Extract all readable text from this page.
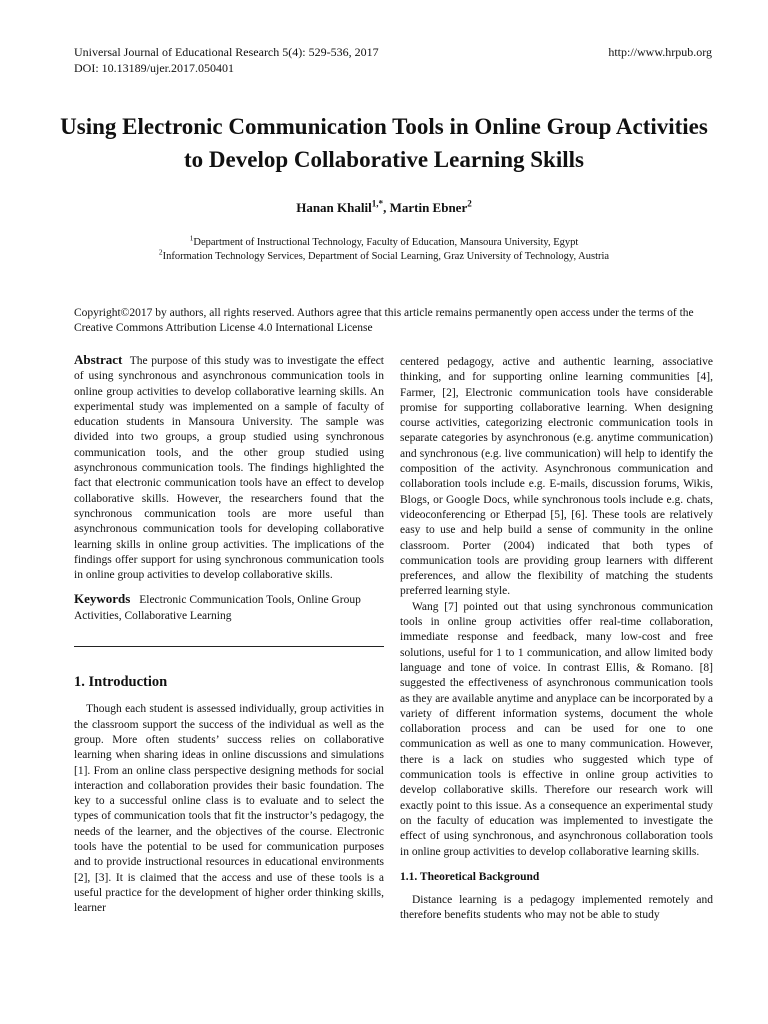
Universal Journal of Educational Research 5(4): 529-536, 2017	http://www.hrpub.org
DOI: 10.13189/ujer.2017.050401
Using Electronic Communication Tools in Online Group Activities to Develop Collaborative Learning Skills
Hanan Khalil$^{1,*}$, Martin Ebner$^2$
$^1$Department of Instructional Technology, Faculty of Education, Mansoura University, Egypt
$^2$Information Technology Services, Department of Social Learning, Graz University of Technology, Austria
Copyright©2017 by authors, all rights reserved. Authors agree that this article remains permanently open access under the terms of the Creative Commons Attribution License 4.0 International License

Abstract The purpose of this study was to investigate the effect of using synchronous and asynchronous communication tools in online group activities to develop collaborative learning skills. An experimental study was implemented on a sample of faculty of education students in Mansoura University. The sample was divided into two groups, a group studied using synchronous communication tools, and the other group studied using asynchronous communication tools. The findings highlighted the fact that electronic communication tools have an effect to develop collaborative skills. However, the researchers found that the synchronous communication tools are more useful than asynchronous communication tools for developing collaborative learning skills in online group activities. The implications of the findings offer support for using synchronous communication tools in online group activities to develop collaborative skills.

Keywords Electronic Communication Tools, Online Group Activities, Collaborative Learning

1. Introduction

Though each student is assessed individually, group activities in the classroom support the success of the individual as well as the group. More often students’ success relies on collaborative learning when sharing ideas in online discussions and simulations [1]. From an online class perspective designing methods for social interaction and collaboration provides their basic foundation. The key to a successful online class is to evaluate and to select the types of communication tools that fit the instructor’s pedagogy, the needs of the learner, and the objectives of the course. Electronic tools have the potential to be used for communication purposes and to provide instructional resources in educational environments [2], [3]. It is claimed that the access and use of these tools is a useful practice for the development of higher order thinking skills, learner

centered pedagogy, active and authentic learning, associative thinking, and for supporting online learning communities [4], Farmer, [2], Electronic communication tools have considerable promise for supporting collaborative learning. When designing course activities, categorizing electronic communication tools in separate categories by asynchronous (e.g. anytime communication) and synchronous (e.g. live communication) will help to identify the composition of the activity. Asynchronous communication and collaboration tools include e.g. E-mails, discussion forums, Wikis, Blogs, or Google Docs, while synchronous tools include e.g. chats, videoconferencing or Etherpad [5], [6]. These tools are relatively easy to use and help build a sense of community in the online classroom. Porter (2004) indicated that both types of communication tools are providing group learners with different preferences, and allow the flexibility of matching the students preferred learning style.

Wang [7] pointed out that using synchronous communication tools in online group activities offer real-time collaboration, immediate response and feedback, many low-cost and free solutions, useful for 1 to 1 communication, and allow limited body language and tone of voice. In contrast Ellis, & Romano. [8] suggested the effectiveness of asynchronous communication tools as they are available anytime and anyplace can be incorporated by a variety of different information systems, document the whole collaboration process and can be used for one to one communication as well as one to many communication. However, there is a lack on studies who suggested which type of communication tools is effective in online group activities to develop collaborative skills. Therefore our research work will exactly point to this issue. As a consequence an experimental study on the faculty of education was implemented to investigate the effect of using synchronous, and asynchronous collaboration tools in online group activities to develop collaborative learning skills.

1.1. Theoretical Background

Distance learning is a pedagogy implemented remotely and therefore benefits students who may not be able to study
